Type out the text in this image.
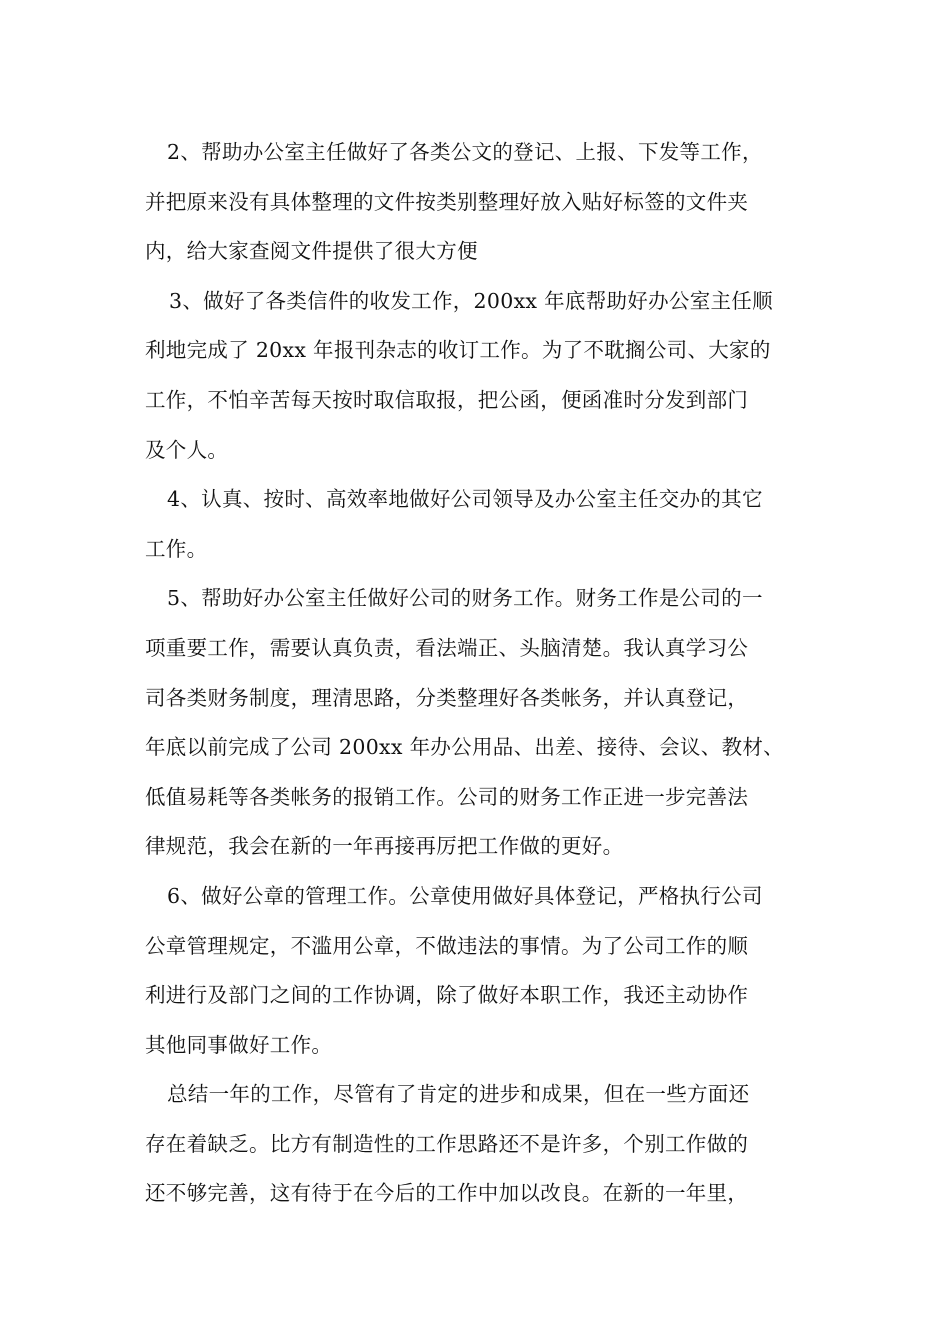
2、帮助办公室主任做好了各类公文的登记、上报、下发等工作，
并把原来没有具体整理的文件按类别整理好放入贴好标签的文件夹
内，给大家查阅文件提供了很大方便
3、做好了各类信件的收发工作，200xx 年底帮助好办公室主任顺
利地完成了 20xx 年报刊杂志的收订工作。为了不耽搁公司、大家的
工作，不怕辛苦每天按时取信取报，把公函，便函准时分发到部门
及个人。
4、认真、按时、高效率地做好公司领导及办公室主任交办的其它
工作。
5、帮助好办公室主任做好公司的财务工作。财务工作是公司的一
项重要工作，需要认真负责，看法端正、头脑清楚。我认真学习公
司各类财务制度，理清思路，分类整理好各类帐务，并认真登记，
年底以前完成了公司 200xx 年办公用品、出差、接待、会议、教材、
低值易耗等各类帐务的报销工作。公司的财务工作正进一步完善法
律规范，我会在新的一年再接再厉把工作做的更好。
6、做好公章的管理工作。公章使用做好具体登记，严格执行公司
公章管理规定，不滥用公章，不做违法的事情。为了公司工作的顺
利进行及部门之间的工作协调，除了做好本职工作，我还主动协作
其他同事做好工作。
总结一年的工作，尽管有了肯定的进步和成果，但在一些方面还
存在着缺乏。比方有制造性的工作思路还不是许多，个别工作做的
还不够完善，这有待于在今后的工作中加以改良。在新的一年里，
